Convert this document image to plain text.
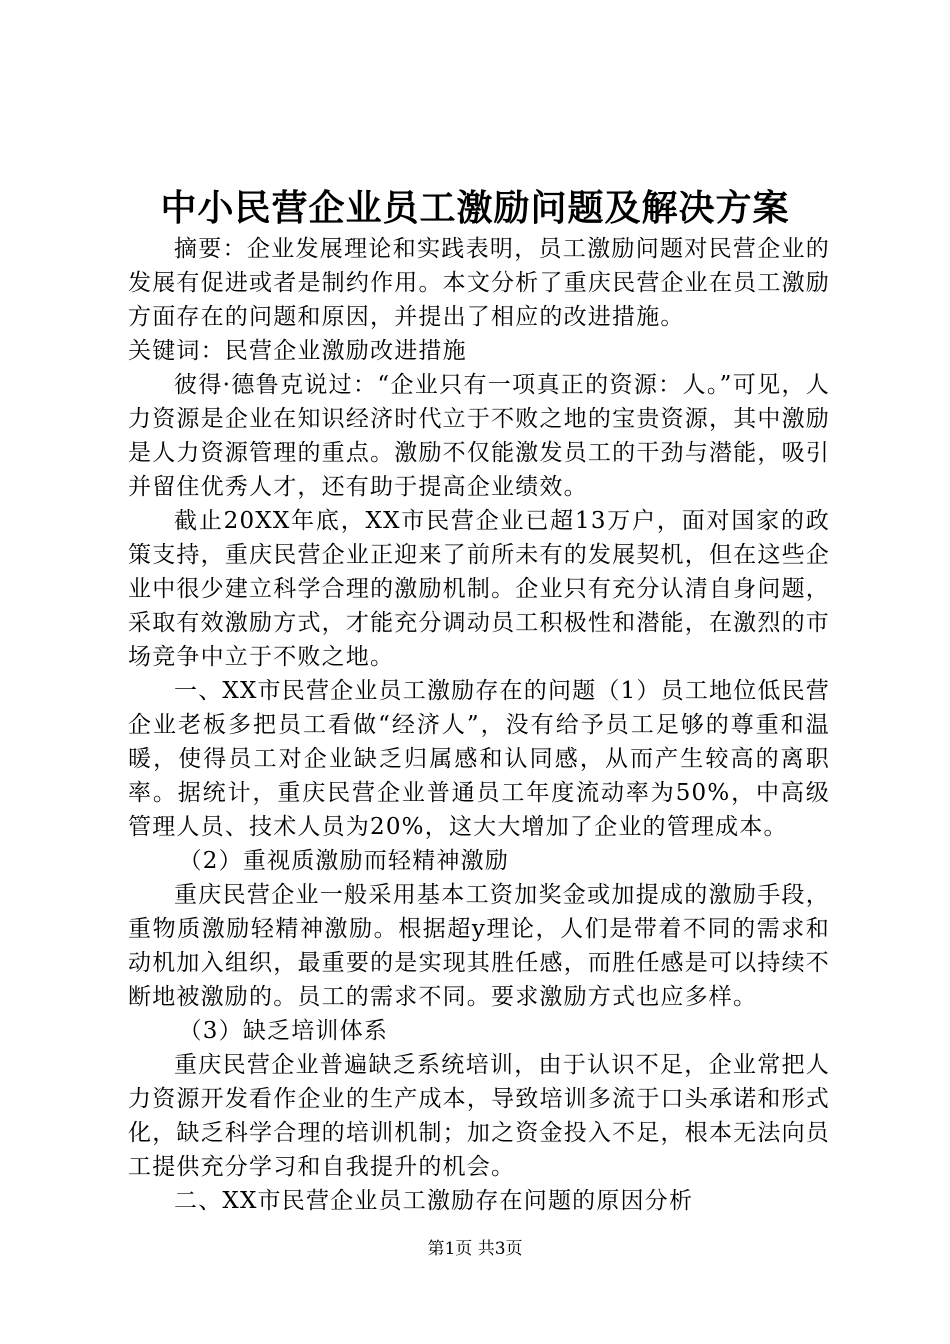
中小民营企业员工激励问题及解决方案

摘要：企业发展理论和实践表明，员工激励问题对民营企业的发展有促进或者是制约作用。本文分析了重庆民营企业在员工激励方面存在的问题和原因，并提出了相应的改进措施。

关键词：民营企业激励改进措施

彼得·德鲁克说过：“企业只有一项真正的资源：人。”可见，人力资源是企业在知识经济时代立于不败之地的宝贵资源，其中激励是人力资源管理的重点。激励不仅能激发员工的干劲与潜能，吸引并留住优秀人才，还有助于提高企业绩效。

截止20XX年底，XX市民营企业已超13万户，面对国家的政策支持，重庆民营企业正迎来了前所未有的发展契机，但在这些企业中很少建立科学合理的激励机制。企业只有充分认清自身问题，采取有效激励方式，才能充分调动员工积极性和潜能，在激烈的市场竞争中立于不败之地。

一、XX市民营企业员工激励存在的问题（1）员工地位低民营企业老板多把员工看做“经济人”，没有给予员工足够的尊重和温暖，使得员工对企业缺乏归属感和认同感，从而产生较高的离职率。据统计，重庆民营企业普通员工年度流动率为50%，中高级管理人员、技术人员为20%，这大大增加了企业的管理成本。

（2）重视质激励而轻精神激励

重庆民营企业一般采用基本工资加奖金或加提成的激励手段，重物质激励轻精神激励。根据超y理论，人们是带着不同的需求和动机加入组织，最重要的是实现其胜任感，而胜任感是可以持续不断地被激励的。员工的需求不同。要求激励方式也应多样。

（3）缺乏培训体系

重庆民营企业普遍缺乏系统培训，由于认识不足，企业常把人力资源开发看作企业的生产成本，导致培训多流于口头承诺和形式化，缺乏科学合理的培训机制；加之资金投入不足，根本无法向员工提供充分学习和自我提升的机会。

二、XX市民营企业员工激励存在问题的原因分析

第1页 共3页
